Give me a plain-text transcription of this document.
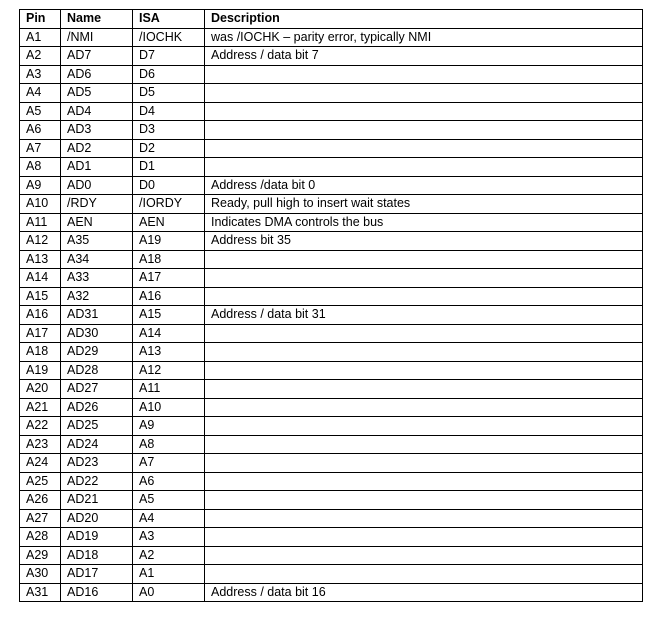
Pin	Name	ISA	Description
A1	/NMI	/IOCHK	was /IOCHK – parity error, typically NMI
A2	AD7	D7	Address / data bit 7
A3	AD6	D6	
A4	AD5	D5	
A5	AD4	D4	
A6	AD3	D3	
A7	AD2	D2	
A8	AD1	D1	
A9	AD0	D0	Address /data bit 0
A10	/RDY	/IORDY	Ready, pull high to insert wait states
A11	AEN	AEN	Indicates DMA controls the bus
A12	A35	A19	Address bit 35
A13	A34	A18	
A14	A33	A17	
A15	A32	A16	
A16	AD31	A15	Address / data bit 31
A17	AD30	A14	
A18	AD29	A13	
A19	AD28	A12	
A20	AD27	A11	
A21	AD26	A10	
A22	AD25	A9	
A23	AD24	A8	
A24	AD23	A7	
A25	AD22	A6	
A26	AD21	A5	
A27	AD20	A4	
A28	AD19	A3	
A29	AD18	A2	
A30	AD17	A1	
A31	AD16	A0	Address / data bit 16
